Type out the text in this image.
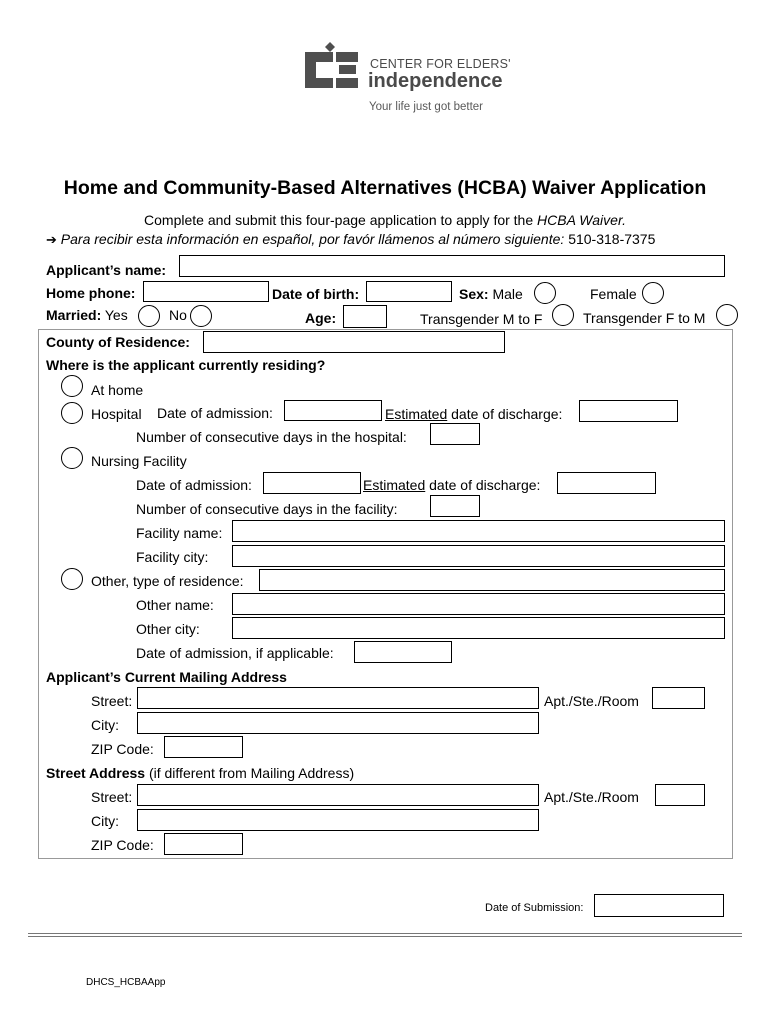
CENTER FOR ELDERS'
independence
Your life just got better
Home and Community-Based Alternatives (HCBA) Waiver Application
Complete and submit this four-page application to apply for the HCBA Waiver.
➔ Para recibir esta información en español, por favór llámenos al número siguiente: 510-318-7375
Applicant’s name:
Home phone:	Date of birth:	Sex: Male	Female
Married: Yes	No	Age:	Transgender M to F	Transgender F to M
County of Residence:
Where is the applicant currently residing?
At home
Hospital Date of admission:	Estimated date of discharge:
Number of consecutive days in the hospital:
Nursing Facility
Date of admission:	Estimated date of discharge:
Number of consecutive days in the facility:
Facility name:
Facility city:
Other, type of residence:
Other name:
Other city:
Date of admission, if applicable:
Applicant’s Current Mailing Address
Street:	Apt./Ste./Room
City:
ZIP Code:
Street Address (if different from Mailing Address)
Street:	Apt./Ste./Room
City:
ZIP Code:
Date of Submission:
DHCS_HCBAApp
